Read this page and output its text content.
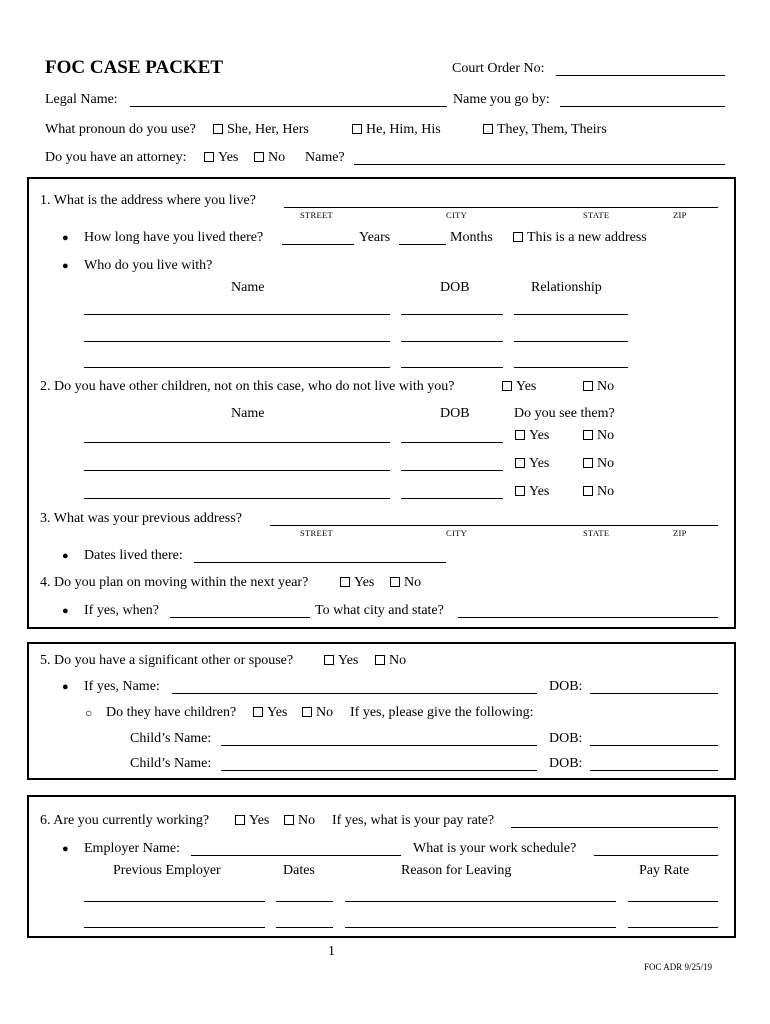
FOC CASE PACKET	Court Order No:
Legal Name:	Name you go by:
What pronoun do you use?	She, Her, Hers	He, Him, His	They, Them, Theirs
Do you have an attorney:	Yes	No Name?
1. What is the address where you live?
STREET	CITY	STATE	ZIP
● How long have you lived there?	Years	Months	This is a new address
● Who do you live with?
Name	DOB	Relationship
2. Do you have other children, not on this case, who do not live with you?	Yes	No
Name	DOB	Do you see them?
Yes	No
Yes	No
Yes	No
3. What was your previous address?
STREET	CITY	STATE	ZIP
● Dates lived there:
4. Do you plan on moving within the next year?	Yes	No
● If yes, when?	To what city and state?
5. Do you have a significant other or spouse?	Yes	No
● If yes, Name:	DOB:
○ Do they have children?	Yes	No If yes, please give the following:
Child’s Name:	DOB:
Child’s Name:	DOB:
6. Are you currently working?	Yes	No If yes, what is your pay rate?
● Employer Name:	What is your work schedule?
Previous Employer	Dates	Reason for Leaving	Pay Rate
1
FOC ADR 9/25/19
